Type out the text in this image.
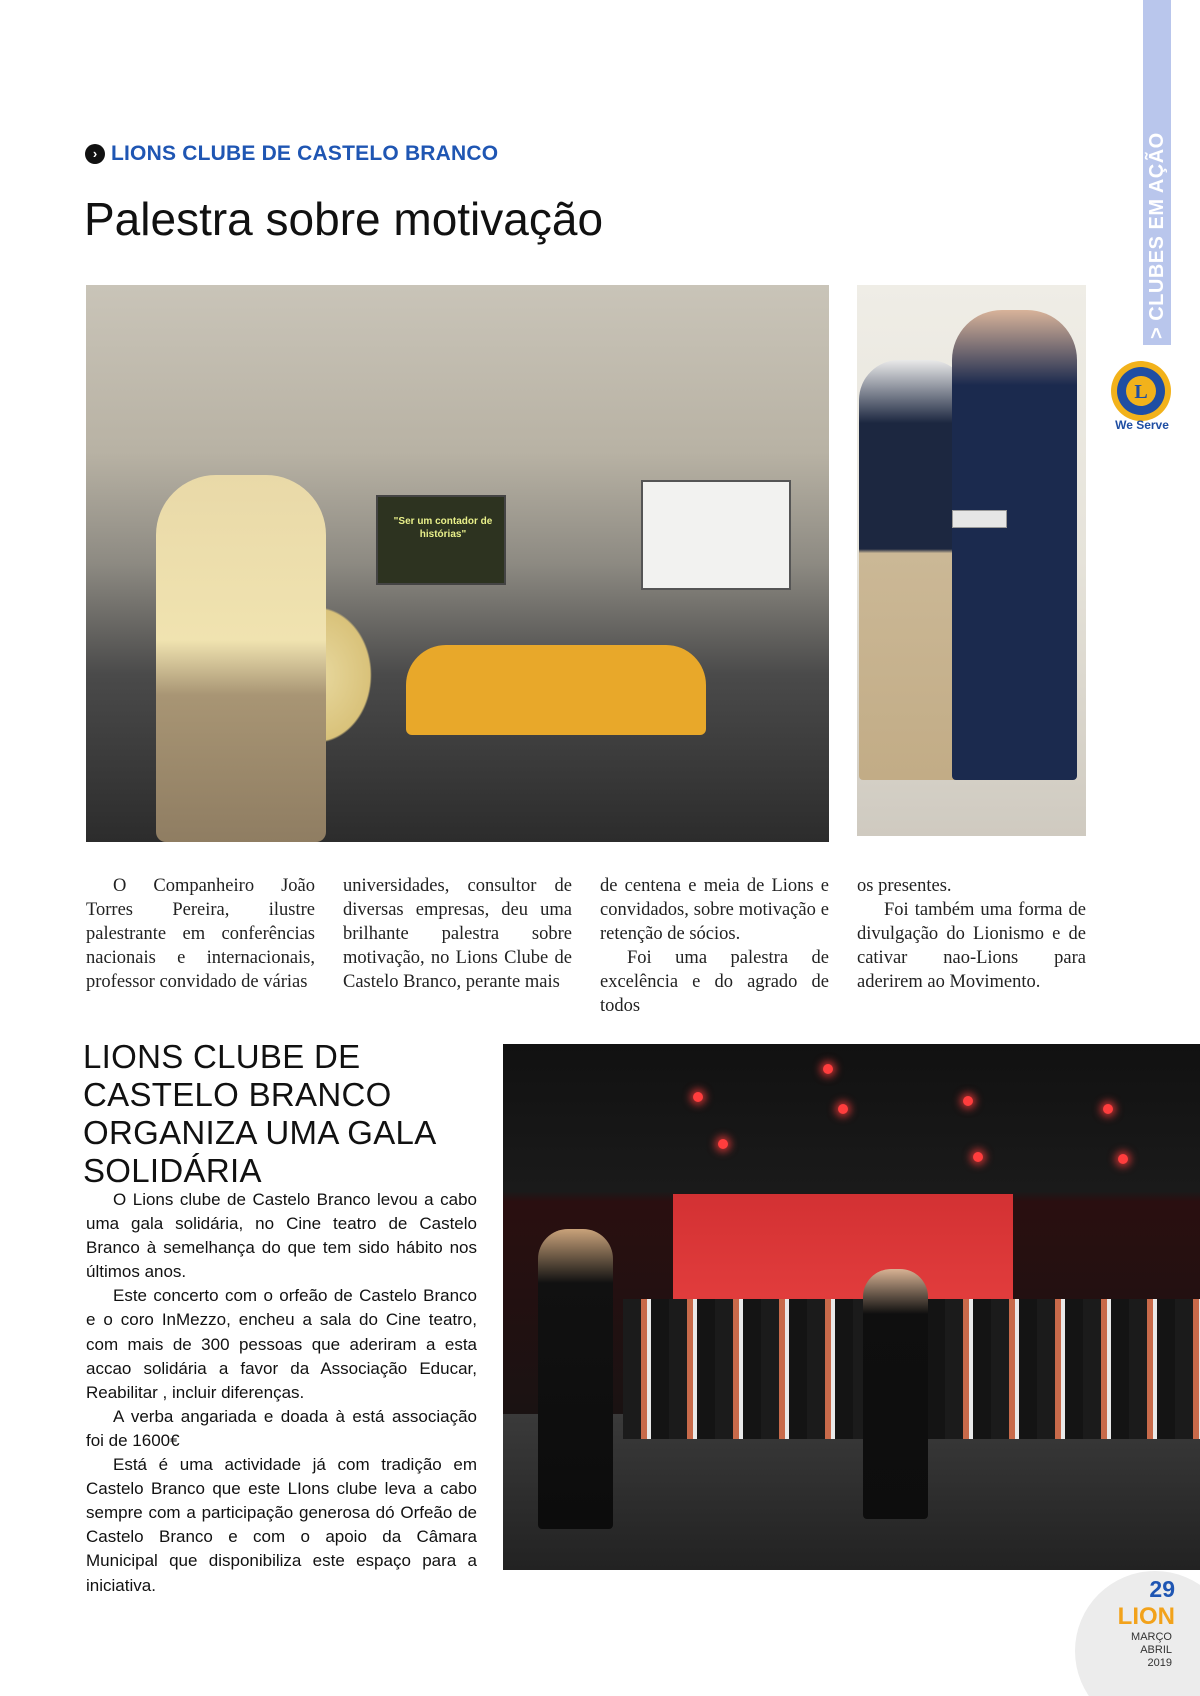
> CLUBES EM AÇÃO
L
We Serve
› LIONS CLUBE DE CASTELO BRANCO
Palestra sobre motivação
"Ser um contador de histórias"

O Companheiro João Torres Pereira, ilustre palestrante em conferências nacionais e internacionais, professor convidado de várias

universidades, consultor de diversas empresas, deu uma brilhante palestra sobre motivação, no Lions Clube de Castelo Branco, perante mais

de centena e meia de Lions e convidados, sobre motivação e retenção de sócios.

Foi uma palestra de excelência e do agrado de todos

os presentes.

Foi também uma forma de divulgação do Lionismo e de cativar nao-Lions para aderirem ao Movimento.

LIONS CLUBE DE CASTELO BRANCO ORGANIZA UMA GALA SOLIDÁRIA

O Lions clube de Castelo Branco levou a cabo uma gala solidária, no Cine teatro de Castelo Branco à semelhança do que tem sido hábito nos últimos anos.

Este concerto com o orfeão de Castelo Branco e o coro InMezzo, encheu a sala do Cine teatro, com mais de 300 pessoas que aderiram a esta accao solidária a favor da Associação Educar, Reabilitar , incluir diferenças.

A verba angariada e doada à está associação foi de 1600€

Está é uma actividade já com tradição em Castelo Branco que este LIons clube leva a cabo sempre com a participação generosa dó Orfeão de Castelo Branco e com o apoio da Câmara Municipal que disponibiliza este espaço para a iniciativa.	29
LION
MARÇO
ABRIL
2019
